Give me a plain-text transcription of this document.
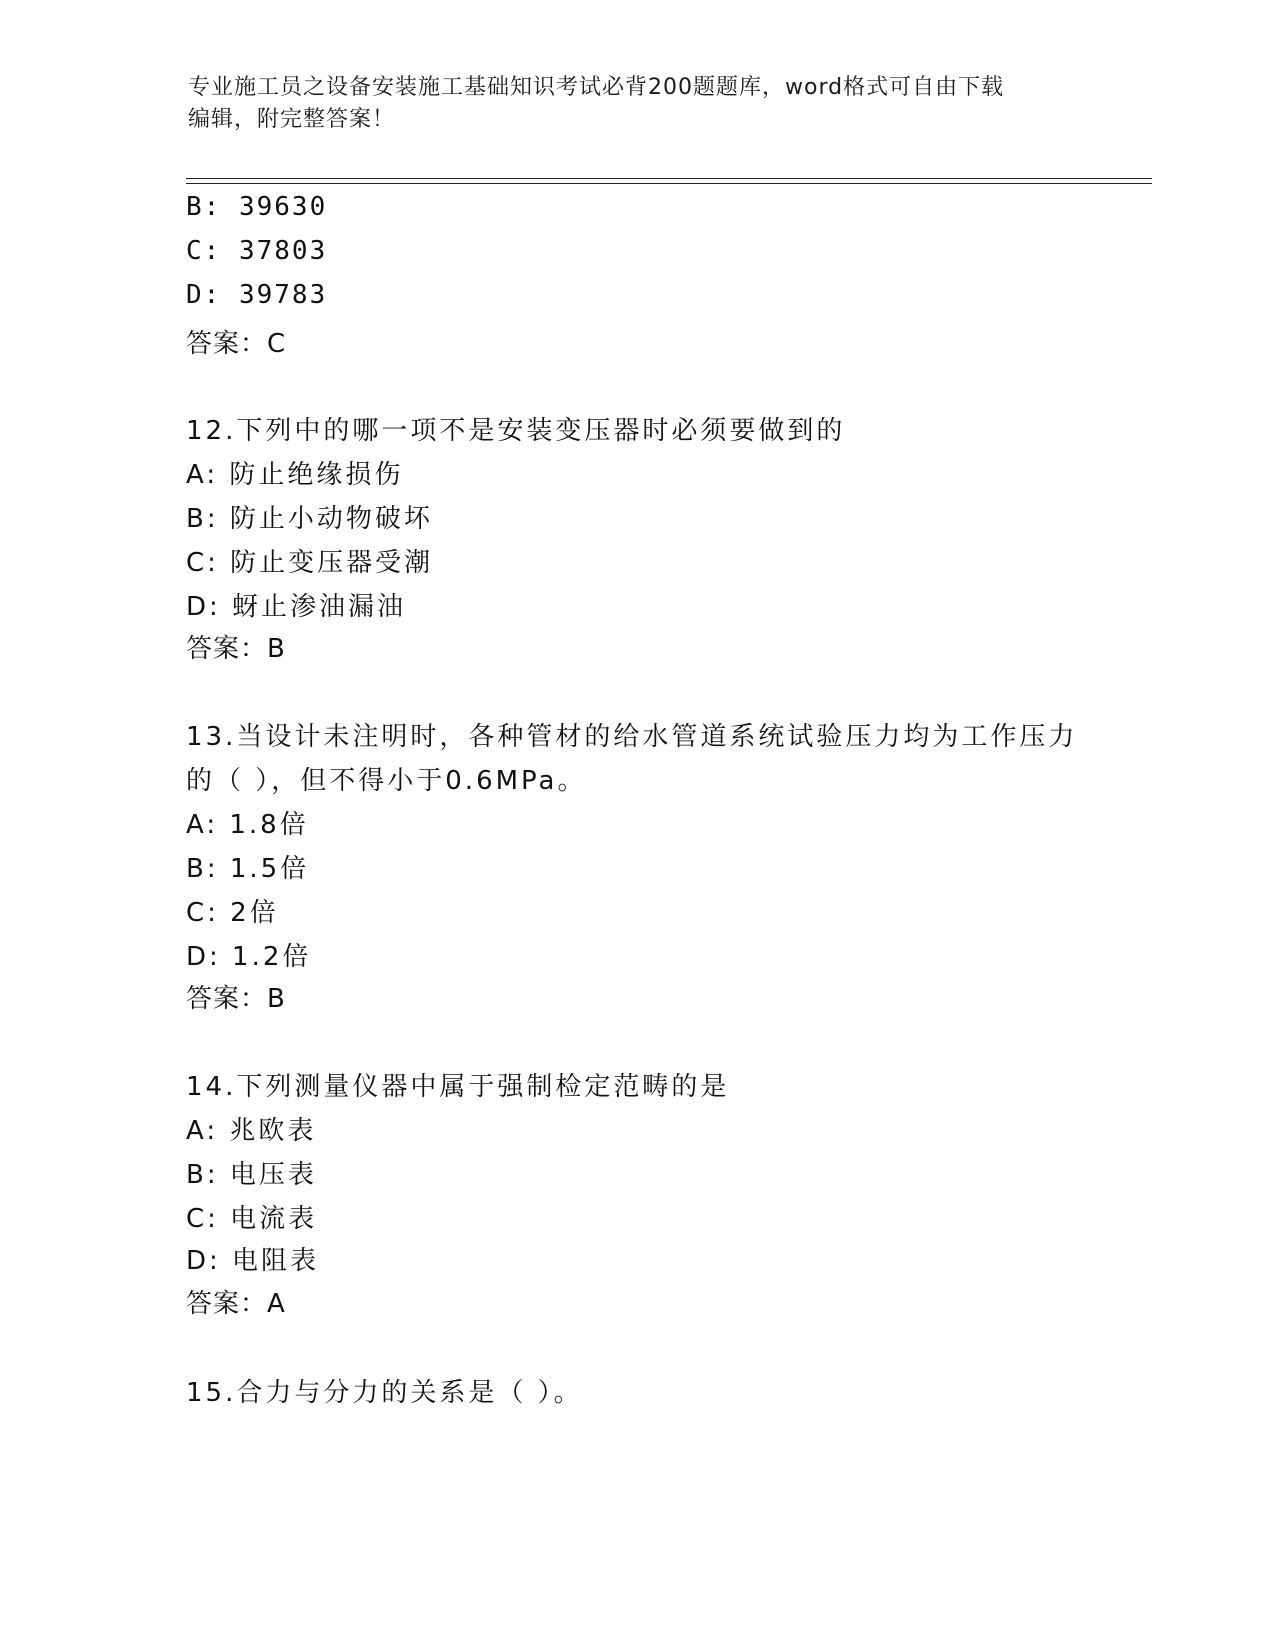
专业施工员之设备安装施工基础知识考试必背200题题库，word格式可自由下载
编辑，附完整答案！
B: 39630
C: 37803
D: 39783
答案：C
12.下列中的哪一项不是安装变压器时必须要做到的
A: 防止绝缘损伤
B: 防止小动物破坏
C: 防止变压器受潮
D: 蚜止渗油漏油
答案：B
13.当设计未注明时，各种管材的给水管道系统试验压力均为工作压力
的（ ），但不得小于0.6MPa。
A: 1.8倍
B: 1.5倍
C: 2倍
D: 1.2倍
答案：B
14.下列测量仪器中属于强制检定范畴的是
A: 兆欧表
B: 电压表
C: 电流表
D: 电阻表
答案：A
15.合力与分力的关系是（ ）。
